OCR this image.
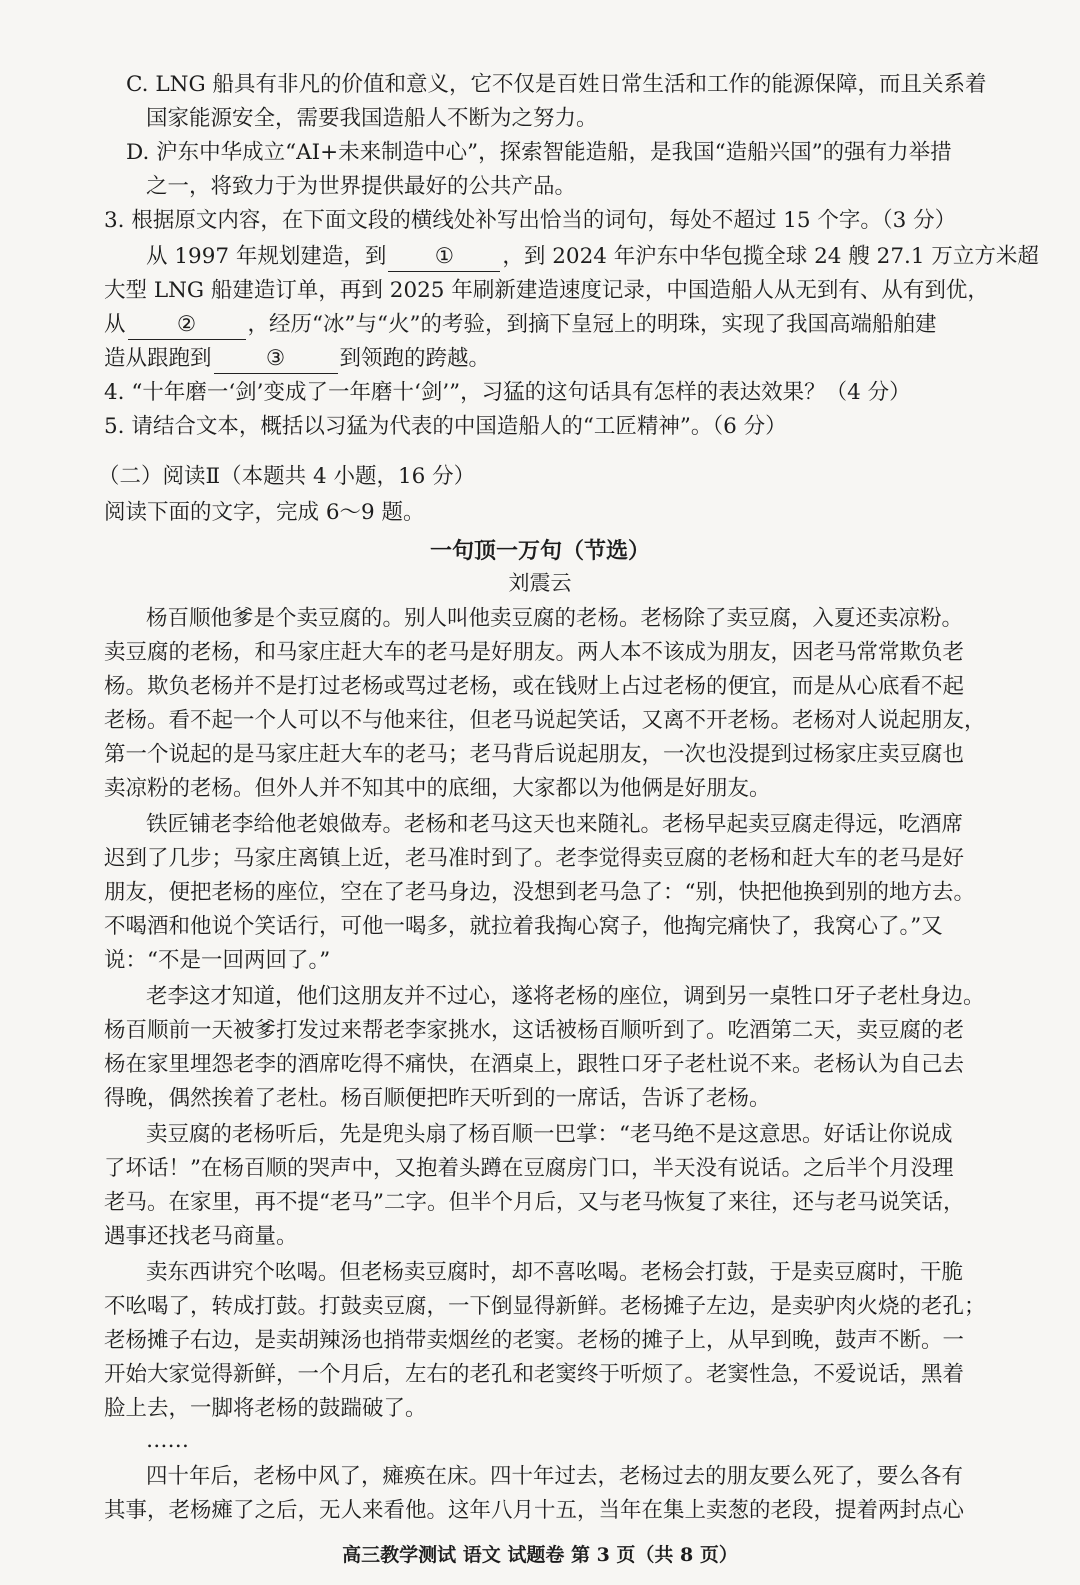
C. LNG 船具有非凡的价值和意义，它不仅是百姓日常生活和工作的能源保障，而且关系着
国家能源安全，需要我国造船人不断为之努力。
D. 沪东中华成立“AI+未来制造中心”，探索智能造船，是我国“造船兴国”的强有力举措
之一，将致力于为世界提供最好的公共产品。
3. 根据原文内容，在下面文段的横线处补写出恰当的词句，每处不超过 15 个字。（3 分）
从 1997 年规划建造，到 ① ，到 2024 年沪东中华包揽全球 24 艘 27.1 万立方米超
大型 LNG 船建造订单，再到 2025 年刷新建造速度记录，中国造船人从无到有、从有到优，
从 ② ，经历“冰”与“火”的考验，到摘下皇冠上的明珠，实现了我国高端船舶建
造从跟跑到	③	到领跑的跨越。
4. “十年磨一‘剑’变成了一年磨十‘剑’”，习猛的这句话具有怎样的表达效果？（4 分）
5. 请结合文本，概括以习猛为代表的中国造船人的“工匠精神”。（6 分）
（二）阅读Ⅱ（本题共 4 小题，16 分）
阅读下面的文字，完成 6～9 题。
一句顶一万句（节选）
刘震云
杨百顺他爹是个卖豆腐的。别人叫他卖豆腐的老杨。老杨除了卖豆腐，入夏还卖凉粉。
卖豆腐的老杨，和马家庄赶大车的老马是好朋友。两人本不该成为朋友，因老马常常欺负老
杨。欺负老杨并不是打过老杨或骂过老杨，或在钱财上占过老杨的便宜，而是从心底看不起
老杨。看不起一个人可以不与他来往，但老马说起笑话，又离不开老杨。老杨对人说起朋友，
第一个说起的是马家庄赶大车的老马；老马背后说起朋友，一次也没提到过杨家庄卖豆腐也
卖凉粉的老杨。但外人并不知其中的底细，大家都以为他俩是好朋友。
铁匠铺老李给他老娘做寿。老杨和老马这天也来随礼。老杨早起卖豆腐走得远，吃酒席
迟到了几步；马家庄离镇上近，老马准时到了。老李觉得卖豆腐的老杨和赶大车的老马是好
朋友，便把老杨的座位，空在了老马身边，没想到老马急了：“别，快把他换到别的地方去。
不喝酒和他说个笑话行，可他一喝多，就拉着我掏心窝子，他掏完痛快了，我窝心了。”又
说：“不是一回两回了。”
老李这才知道，他们这朋友并不过心，遂将老杨的座位，调到另一桌牲口牙子老杜身边。
杨百顺前一天被爹打发过来帮老李家挑水，这话被杨百顺听到了。吃酒第二天，卖豆腐的老
杨在家里埋怨老李的酒席吃得不痛快，在酒桌上，跟牲口牙子老杜说不来。老杨认为自己去
得晚，偶然挨着了老杜。杨百顺便把昨天听到的一席话，告诉了老杨。
卖豆腐的老杨听后，先是兜头扇了杨百顺一巴掌：“老马绝不是这意思。好话让你说成
了坏话！”在杨百顺的哭声中，又抱着头蹲在豆腐房门口，半天没有说话。之后半个月没理
老马。在家里，再不提“老马”二字。但半个月后，又与老马恢复了来往，还与老马说笑话，
遇事还找老马商量。
卖东西讲究个吆喝。但老杨卖豆腐时，却不喜吆喝。老杨会打鼓，于是卖豆腐时，干脆
不吆喝了，转成打鼓。打鼓卖豆腐，一下倒显得新鲜。老杨摊子左边，是卖驴肉火烧的老孔；
老杨摊子右边，是卖胡辣汤也捎带卖烟丝的老窦。老杨的摊子上，从早到晚，鼓声不断。一
开始大家觉得新鲜，一个月后，左右的老孔和老窦终于听烦了。老窦性急，不爱说话，黑着
脸上去，一脚将老杨的鼓踹破了。
……
四十年后，老杨中风了，瘫痪在床。四十年过去，老杨过去的朋友要么死了，要么各有
其事，老杨瘫了之后，无人来看他。这年八月十五，当年在集上卖葱的老段，提着两封点心
高三教学测试 语文 试题卷 第 3 页（共 8 页）
